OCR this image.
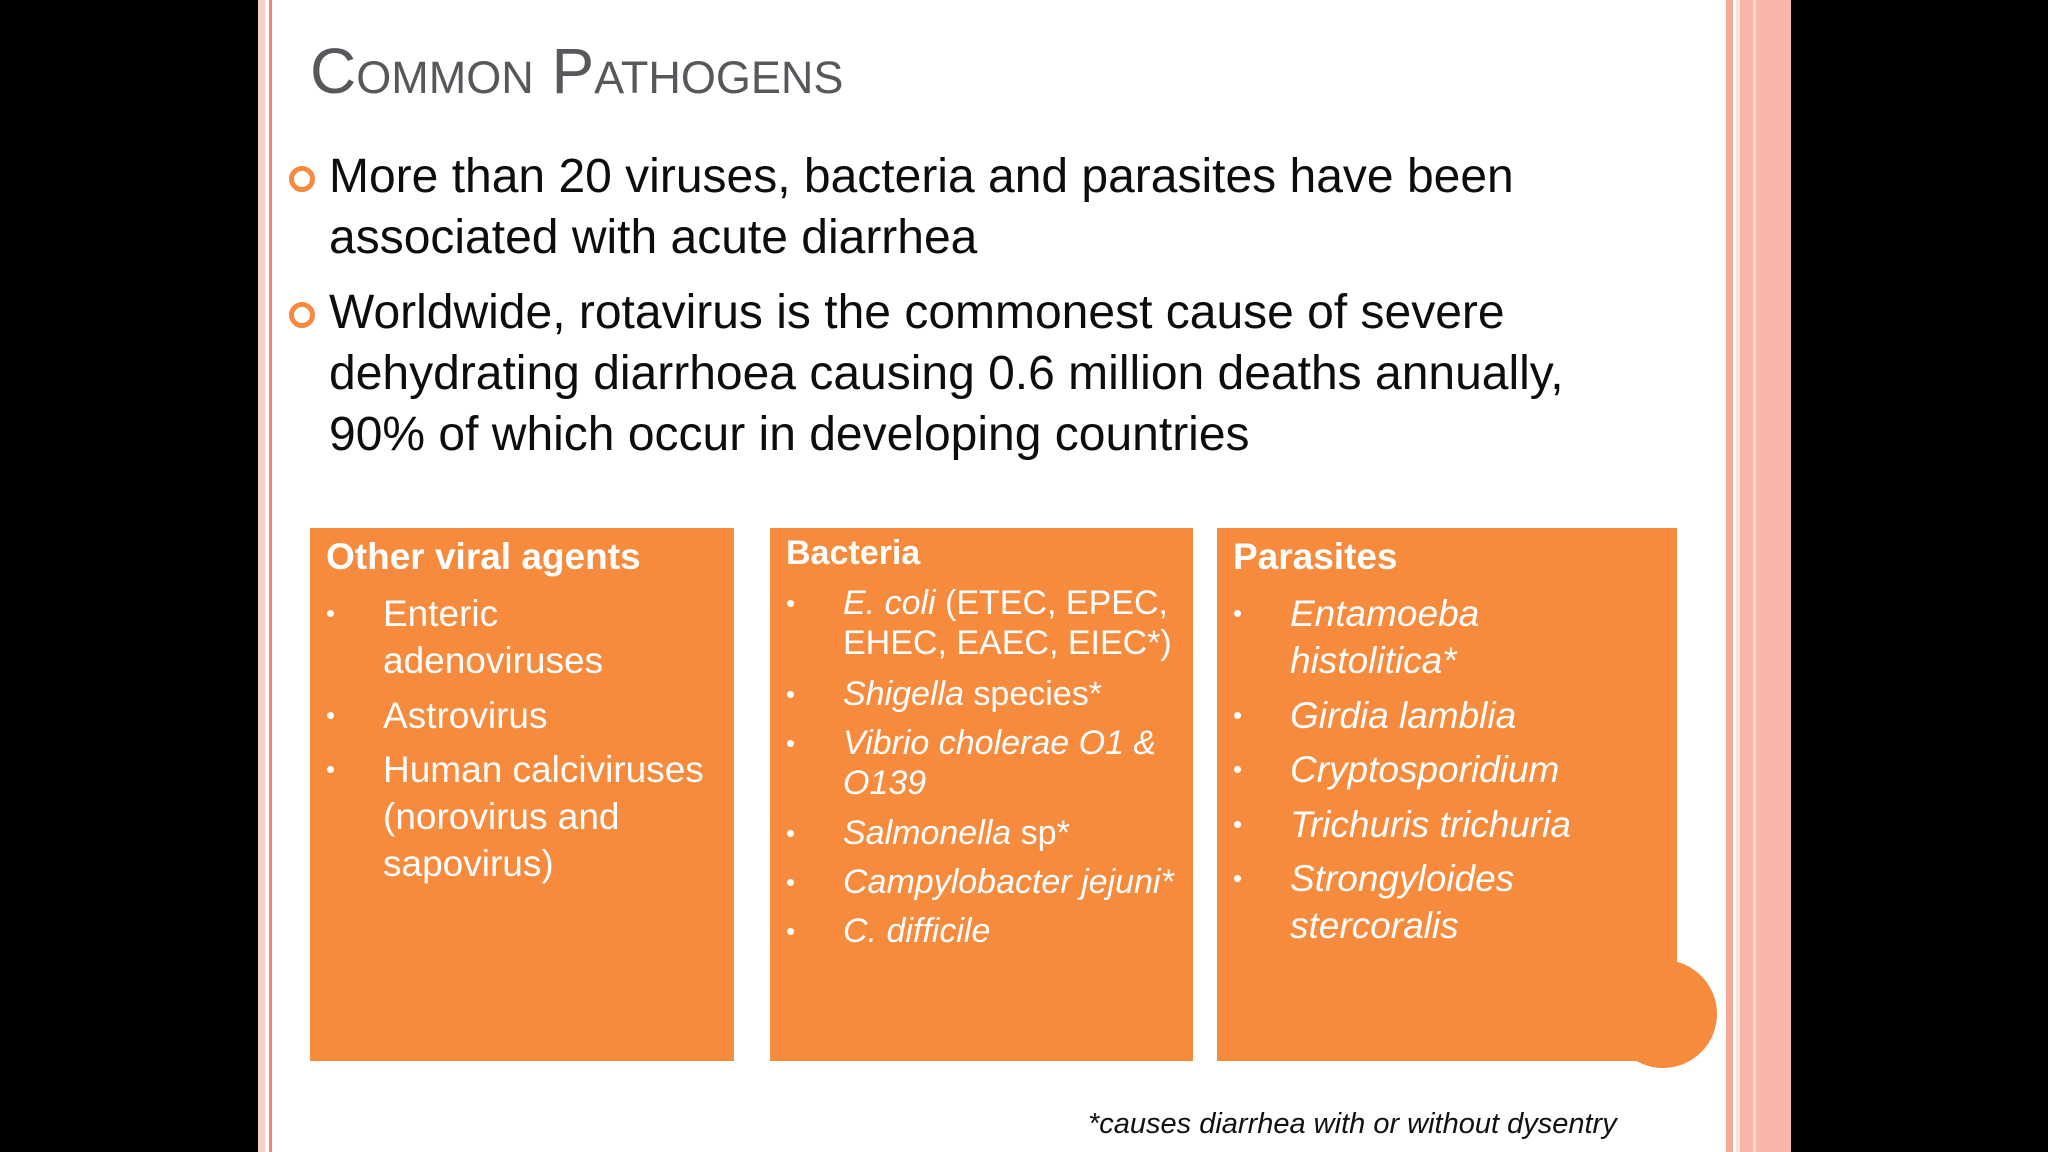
Common Pathogens
More than 20 viruses, bacteria and parasites have been
associated with acute diarrhea
Worldwide, rotavirus is the commonest cause of severe
dehydrating diarrhoea causing 0.6 million deaths annually,
90% of which occur in developing countries
Other viral agents
• Enteric
adenoviruses
• Astrovirus
• Human calciviruses
(norovirus and
sapovirus)
Bacteria
• E. coli (ETEC, EPEC,
EHEC, EAEC, EIEC*)
• Shigella species*
• Vibrio cholerae O1 &
O139
• Salmonella sp*
• Campylobacter jejuni*
• C. difficile
Parasites
• Entamoeba
histolitica*
• Girdia lamblia
• Cryptosporidium
• Trichuris trichuria
• Strongyloides
stercoralis
*causes diarrhea with or without dysentry
